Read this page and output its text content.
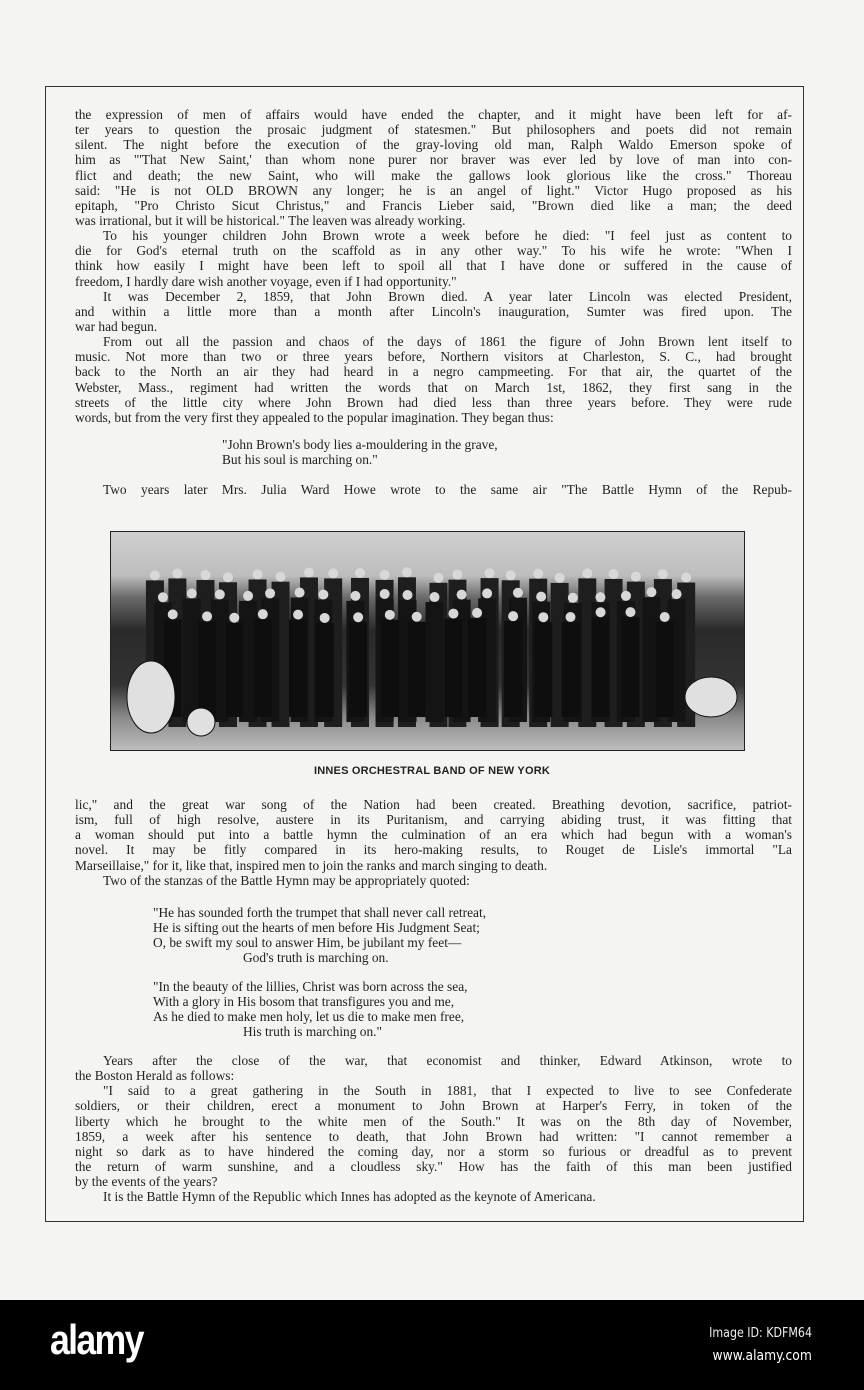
the expression of men of affairs would have ended the chapter, and it might have been left for af-
ter years to question the prosaic judgment of statesmen." But philosophers and poets did not remain
silent. The night before the execution of the gray-loving old man, Ralph Waldo Emerson spoke of
him as "'That New Saint,' than whom none purer nor braver was ever led by love of man into con-
flict and death; the new Saint, who will make the gallows look glorious like the cross." Thoreau
said: "He is not OLD BROWN any longer; he is an angel of light." Victor Hugo proposed as his
epitaph, "Pro Christo Sicut Christus," and Francis Lieber said, "Brown died like a man; the deed
was irrational, but it will be historical." The leaven was already working.
To his younger children John Brown wrote a week before he died: "I feel just as content to
die for God's eternal truth on the scaffold as in any other way." To his wife he wrote: "When I
think how easily I might have been left to spoil all that I have done or suffered in the cause of
freedom, I hardly dare wish another voyage, even if I had opportunity."
It was December 2, 1859, that John Brown died. A year later Lincoln was elected President,
and within a little more than a month after Lincoln's inauguration, Sumter was fired upon. The
war had begun.
From out all the passion and chaos of the days of 1861 the figure of John Brown lent itself to
music. Not more than two or three years before, Northern visitors at Charleston, S. C., had brought
back to the North an air they had heard in a negro campmeeting. For that air, the quartet of the
Webster, Mass., regiment had written the words that on March 1st, 1862, they first sang in the
streets of the little city where John Brown had died less than three years before. They were rude
words, but from the very first they appealed to the popular imagination. They began thus:
"John Brown's body lies a-mouldering in the grave,
But his soul is marching on."
Two years later Mrs. Julia Ward Howe wrote to the same air "The Battle Hymn of the Repub-
INNES ORCHESTRAL BAND OF NEW YORK
lic," and the great war song of the Nation had been created. Breathing devotion, sacrifice, patriot-
ism, full of high resolve, austere in its Puritanism, and carrying abiding trust, it was fitting that
a woman should put into a battle hymn the culmination of an era which had begun with a woman's
novel. It may be fitly compared in its hero-making results, to Rouget de Lisle's immortal "La
Marseillaise," for it, like that, inspired men to join the ranks and march singing to death.
Two of the stanzas of the Battle Hymn may be appropriately quoted:
"He has sounded forth the trumpet that shall never call retreat,
He is sifting out the hearts of men before His Judgment Seat;
O, be swift my soul to answer Him, be jubilant my feet—
God's truth is marching on.
"In the beauty of the lillies, Christ was born across the sea,
With a glory in His bosom that transfigures you and me,
As he died to make men holy, let us die to make men free,
His truth is marching on."
Years after the close of the war, that economist and thinker, Edward Atkinson, wrote to
the Boston Herald as follows:
"I said to a great gathering in the South in 1881, that I expected to live to see Confederate
soldiers, or their children, erect a monument to John Brown at Harper's Ferry, in token of the
liberty which he brought to the white men of the South." It was on the 8th day of November,
1859, a week after his sentence to death, that John Brown had written: "I cannot remember a
night so dark as to have hindered the coming day, nor a storm so furious or dreadful as to prevent
the return of warm sunshine, and a cloudless sky." How has the faith of this man been justified
by the events of the years?
It is the Battle Hymn of the Republic which Innes has adopted as the keynote of Americana.
alamy	Image ID: KDFM64
www.alamy.com
